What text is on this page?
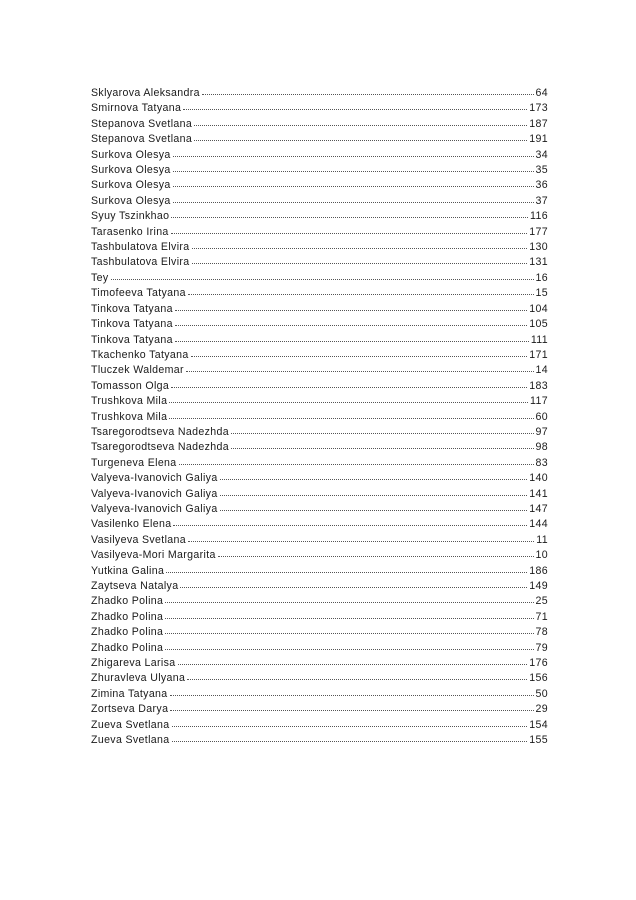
Sklyarova Aleksandra	64
Smirnova Tatyana	173
Stepanova Svetlana	187
Stepanova Svetlana	191
Surkova Olesya	34
Surkova Olesya	35
Surkova Olesya	36
Surkova Olesya	37
Syuy Tszinkhao	116
Tarasenko Irina	177
Tashbulatova Elvira	130
Tashbulatova Elvira	131
Tey	16
Timofeeva Tatyana	15
Tinkova Tatyana	104
Tinkova Tatyana	105
Tinkova Tatyana	111
Tkachenko Tatyana	171
Tluczek Waldemar	14
Tomasson Olga	183
Trushkova Mila	117
Trushkova Mila	60
Tsaregorodtseva Nadezhda	97
Tsaregorodtseva Nadezhda	98
Turgeneva Elena	83
Valyeva-Ivanovich Galiya	140
Valyeva-Ivanovich Galiya	141
Valyeva-Ivanovich Galiya	147
Vasilenko Elena	144
Vasilyeva Svetlana	11
Vasilyeva-Mori Margarita	10
Yutkina Galina	186
Zaytseva Natalya	149
Zhadko Polina	25
Zhadko Polina	71
Zhadko Polina	78
Zhadko Polina	79
Zhigareva Larisa	176
Zhuravleva Ulyana	156
Zimina Tatyana	50
Zortseva Darya	29
Zueva Svetlana	154
Zueva Svetlana	155
